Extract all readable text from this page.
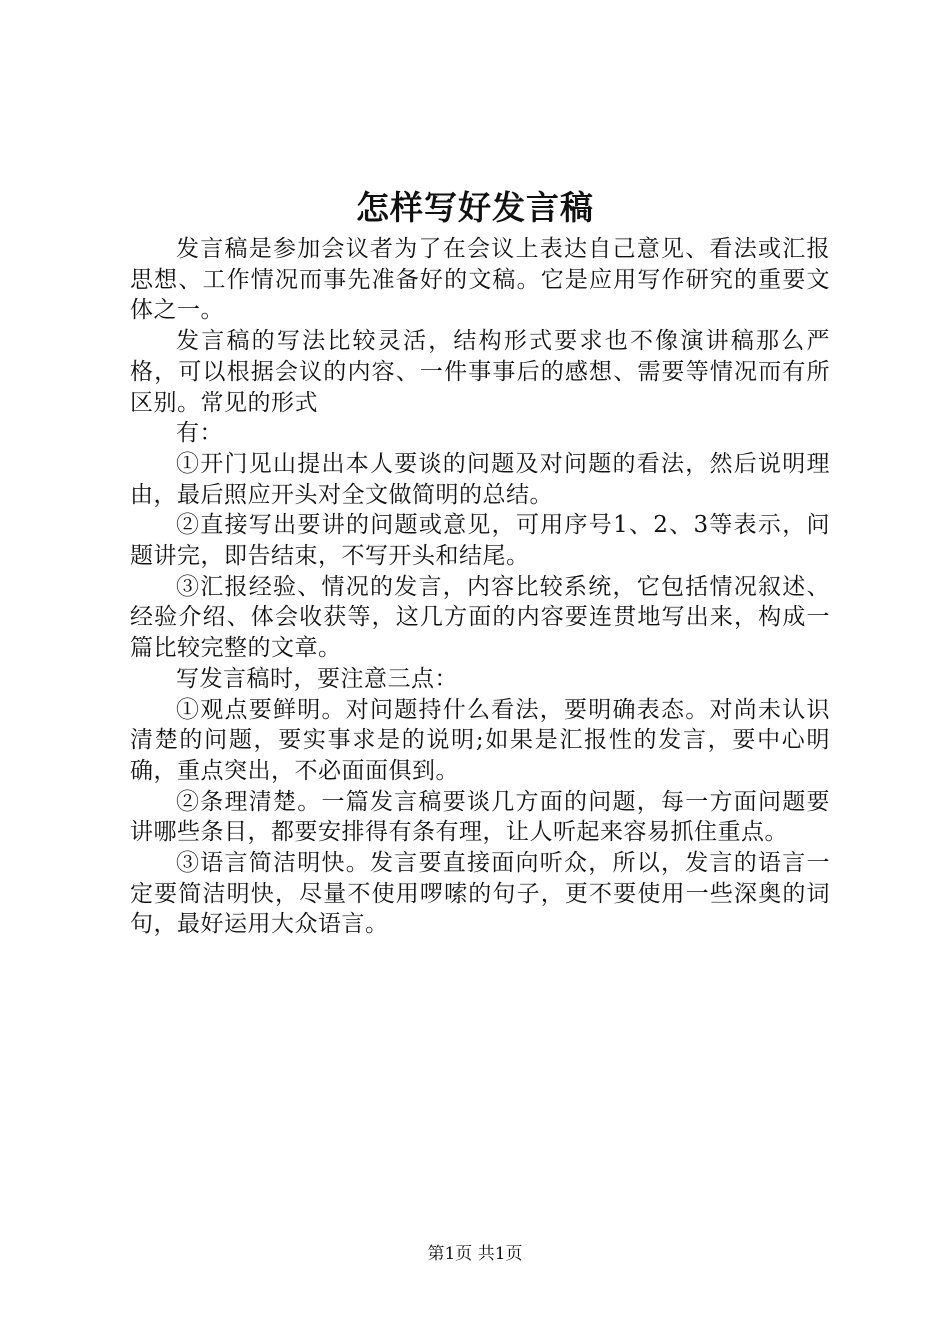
怎样写好发言稿

发言稿是参加会议者为了在会议上表达自己意见、看法或汇报思想、工作情况而事先准备好的文稿。它是应用写作研究的重要文体之一。

发言稿的写法比较灵活，结构形式要求也不像演讲稿那么严格，可以根据会议的内容、一件事事后的感想、需要等情况而有所区别。常见的形式

有：

①开门见山提出本人要谈的问题及对问题的看法，然后说明理由，最后照应开头对全文做简明的总结。

②直接写出要讲的问题或意见，可用序号1、2、3等表示，问题讲完，即告结束，不写开头和结尾。

③汇报经验、情况的发言，内容比较系统，它包括情况叙述、经验介绍、体会收获等，这几方面的内容要连贯地写出来，构成一篇比较完整的文章。

写发言稿时，要注意三点：

①观点要鲜明。对问题持什么看法，要明确表态。对尚未认识清楚的问题，要实事求是的说明;如果是汇报性的发言，要中心明确，重点突出，不必面面俱到。

②条理清楚。一篇发言稿要谈几方面的问题，每一方面问题要讲哪些条目，都要安排得有条有理，让人听起来容易抓住重点。

③语言简洁明快。发言要直接面向听众，所以，发言的语言一定要简洁明快，尽量不使用啰嗦的句子，更不要使用一些深奥的词句，最好运用大众语言。

第1页 共1页
